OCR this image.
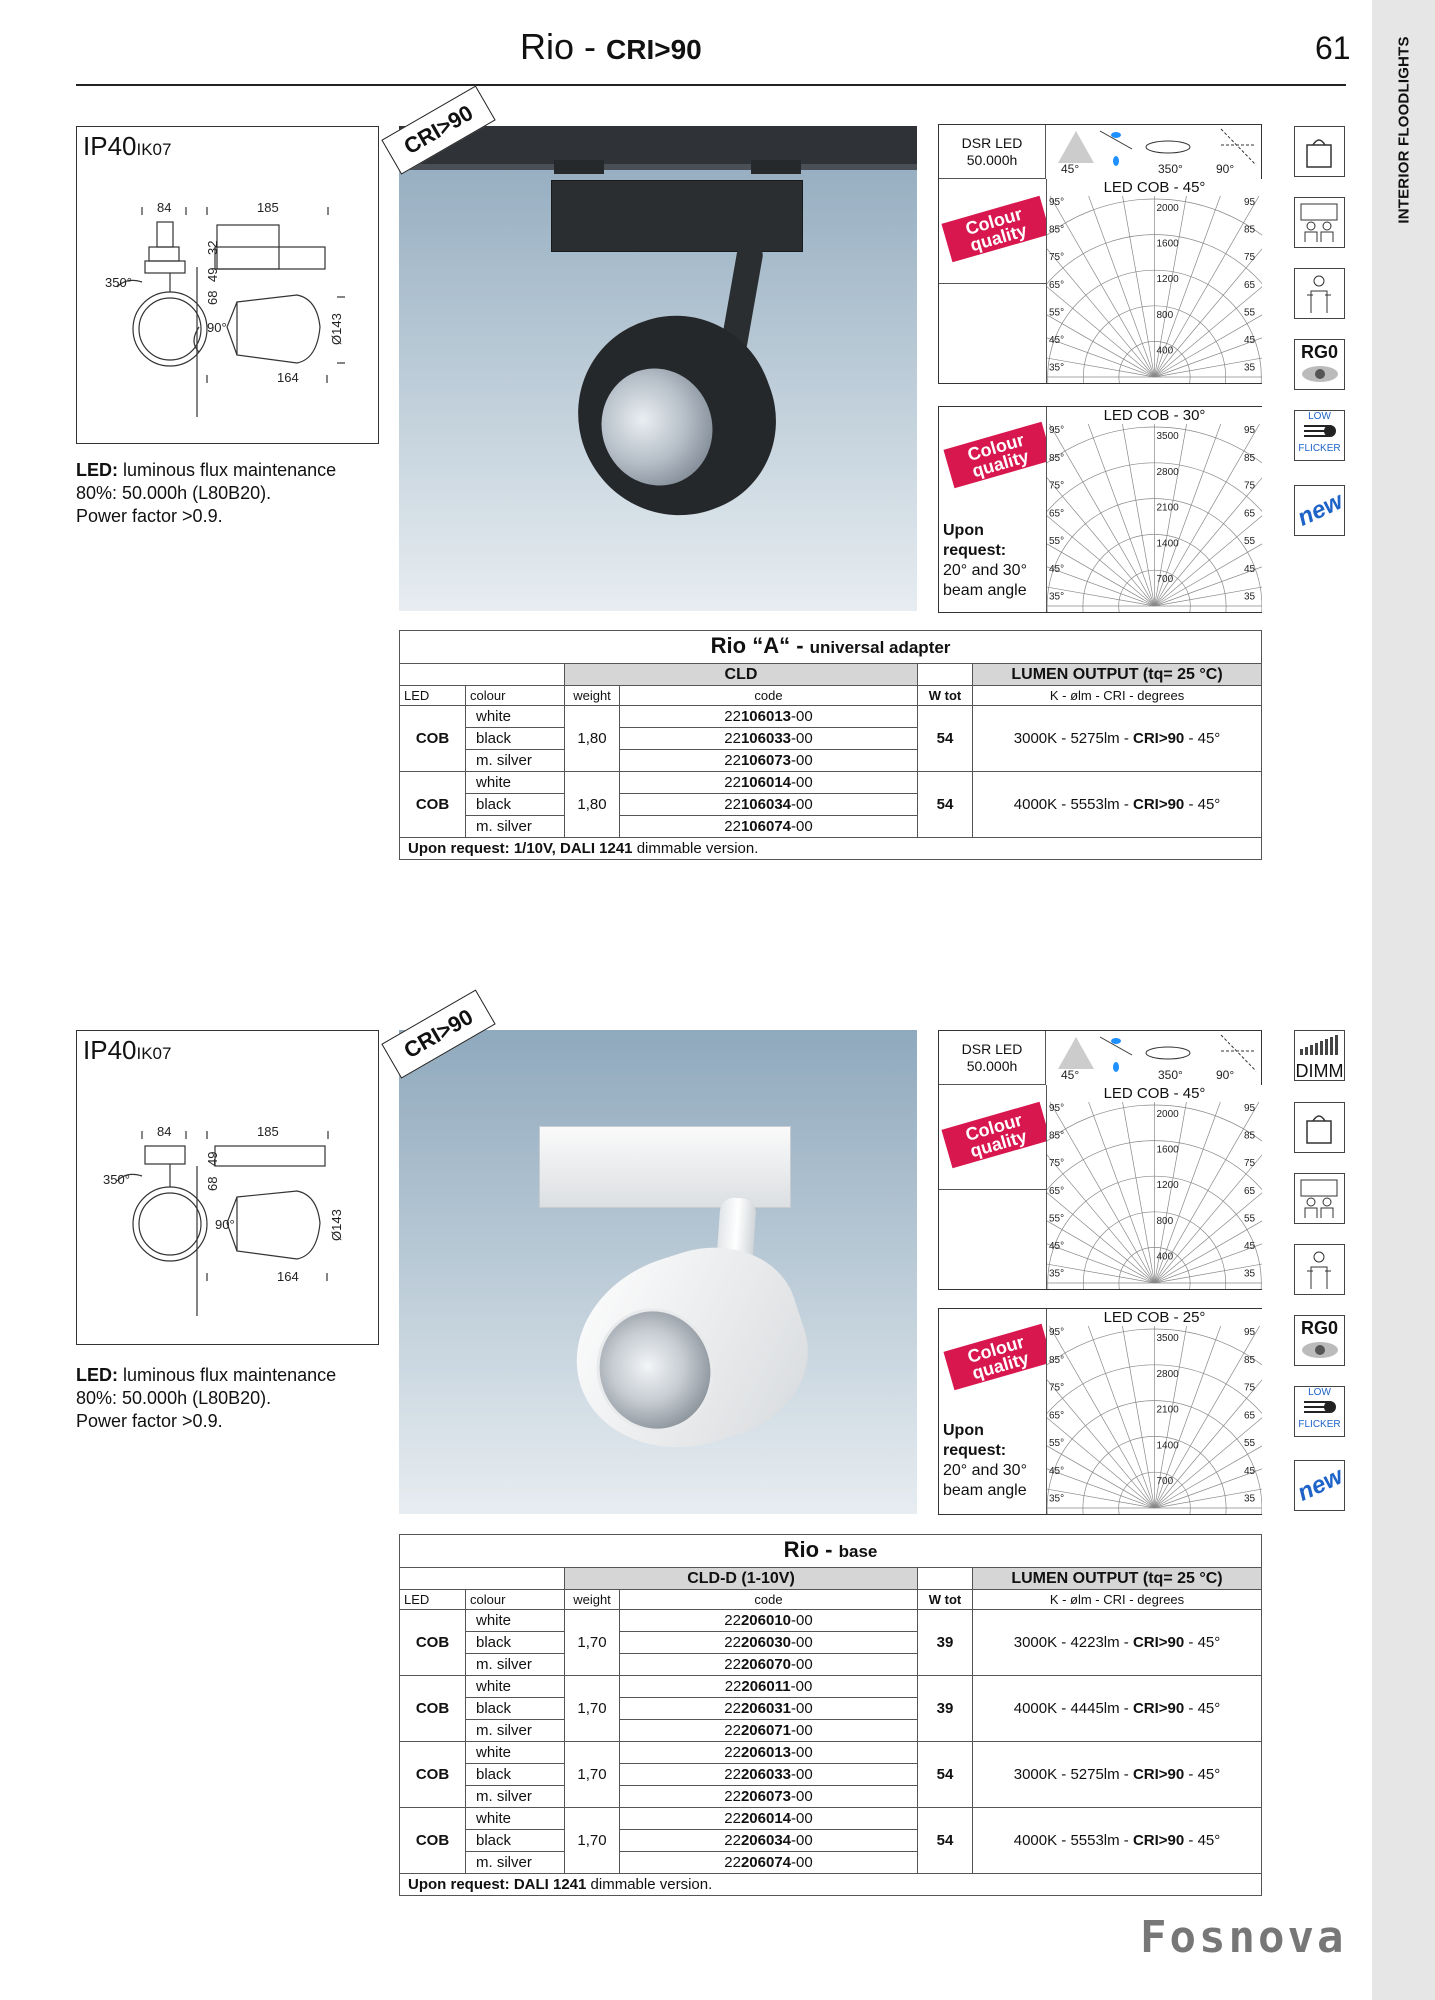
INTERIOR FLOODLIGHTS
Rio - CRI>90	61
IP40IK07
84	185
350°
90°
164
32
49
68
Ø143
LED: luminous flux maintenance
80%: 50.000h (L80B20).
Power factor >0.9.
CRI>90	DSR LED
50.000h
45°	350°	90°
Colour quality
LED COB - 45°
400
800
1200
1600
2000
95°	95
85°	85
75°	75
65°	65
55°	55
45°	45
35°	35
Colour quality
Upon request:
20° and 30° beam angle
LED COB - 30°
700
1400
2100
2800
3500
95°	95
85°	85
75°	75
65°	65
55°	55
45°	45
35°	35
RG0
LOW
FLICKER
new
Rio “A“ - universal adapter					
		CLD			LUMEN OUTPUT (tq= 25 °C)
LED	colour	weight	code	W tot	K - ølm - CRI - degrees
COB	white	1,80	22106013-00	54	3000K - 5275lm - CRI>90 - 45°
	black		22106033-00		
	m. silver		22106073-00		
COB	white	1,80	22106014-00	54	4000K - 5553lm - CRI>90 - 45°
	black		22106034-00		
	m. silver		22106074-00		
Upon request: 1/10V, DALI 1241 dimmable version.					
IP40IK07
84	185
350°
90°
164
49
68
Ø143
LED: luminous flux maintenance
80%: 50.000h (L80B20).
Power factor >0.9.
CRI>90	DSR LED
50.000h
45°	350°	90°
Colour quality
LED COB - 45°
400
800
1200
1600
2000
95°	95
85°	85
75°	75
65°	65
55°	55
45°	45
35°	35
Colour quality
Upon request:
20° and 30° beam angle
LED COB - 25°
700
1400
2100
2800
3500
95°	95
85°	85
75°	75
65°	65
55°	55
45°	45
35°	35
DIMM
RG0
LOW
FLICKER
new
Rio - base					
		CLD-D (1-10V)			LUMEN OUTPUT (tq= 25 °C)
LED	colour	weight	code	W tot	K - ølm - CRI - degrees
COB	white	1,70	22206010-00	39	3000K - 4223lm - CRI>90 - 45°
	black		22206030-00		
	m. silver		22206070-00		
COB	white	1,70	22206011-00	39	4000K - 4445lm - CRI>90 - 45°
	black		22206031-00		
	m. silver		22206071-00		
COB	white	1,70	22206013-00	54	3000K - 5275lm - CRI>90 - 45°
	black		22206033-00		
	m. silver		22206073-00		
COB	white	1,70	22206014-00	54	4000K - 5553lm - CRI>90 - 45°
	black		22206034-00		
	m. silver		22206074-00		
Upon request: DALI 1241 dimmable version.					
Fosnova
